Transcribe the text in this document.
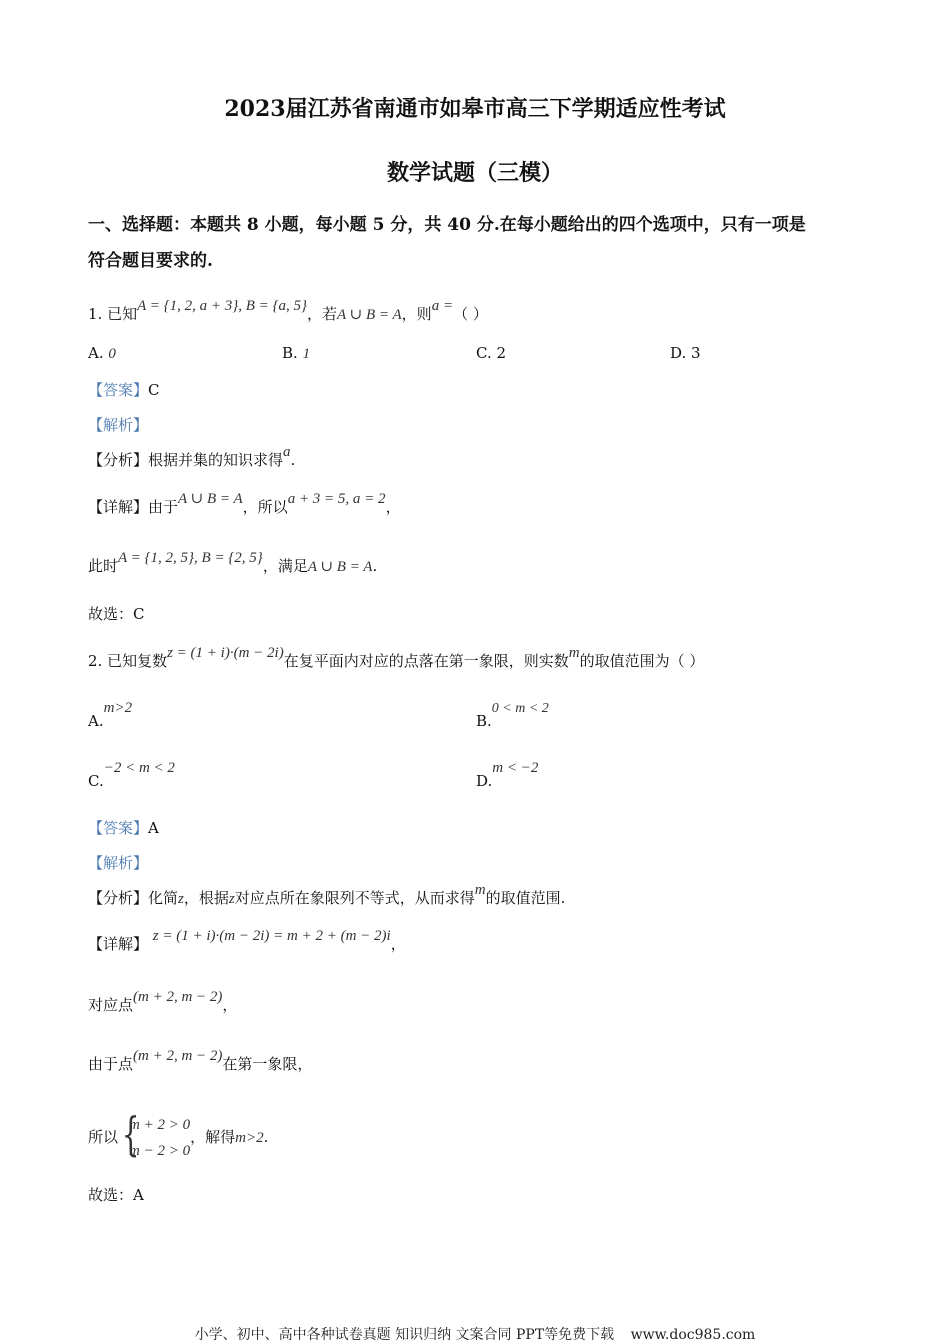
2023届江苏省南通市如皋市高三下学期适应性考试
数学试题（三模）
一、选择题：本题共 8 小题，每小题 5 分，共 40 分.在每小题给出的四个选项中，只有一项是
符合题目要求的.
1. 已知A = {1, 2, a + 3}, B = {a, 5}，若A ∪ B = A，则a =（ ）
A. 0	B. 1	C. 2	D. 3
【答案】C
【解析】
【分析】根据并集的知识求得a.
【详解】由于A ∪ B = A，所以a + 3 = 5, a = 2，
此时A = {1, 2, 5}, B = {2, 5}，满足A ∪ B = A.
故选：C
2. 已知复数z = (1 + i)·(m − 2i)在复平面内对应的点落在第一象限，则实数m的取值范围为（ ）
A.m>2
B.0 < m < 2
C.−2 < m < 2
D.m < −2
【答案】A
【解析】
【分析】化简z，根据z对应点所在象限列不等式，从而求得m的取值范围.
【详解】 z = (1 + i)·(m − 2i) = m + 2 + (m − 2)i，
对应点(m + 2, m − 2)，
由于点(m + 2, m − 2)在第一象限，
所以
{ m + 2 > 0
m − 2 > 0
，解得m>2.
故选：A
小学、初中、高中各种试卷真题 知识归纳 文案合同 PPT等免费下载 www.doc985.com
